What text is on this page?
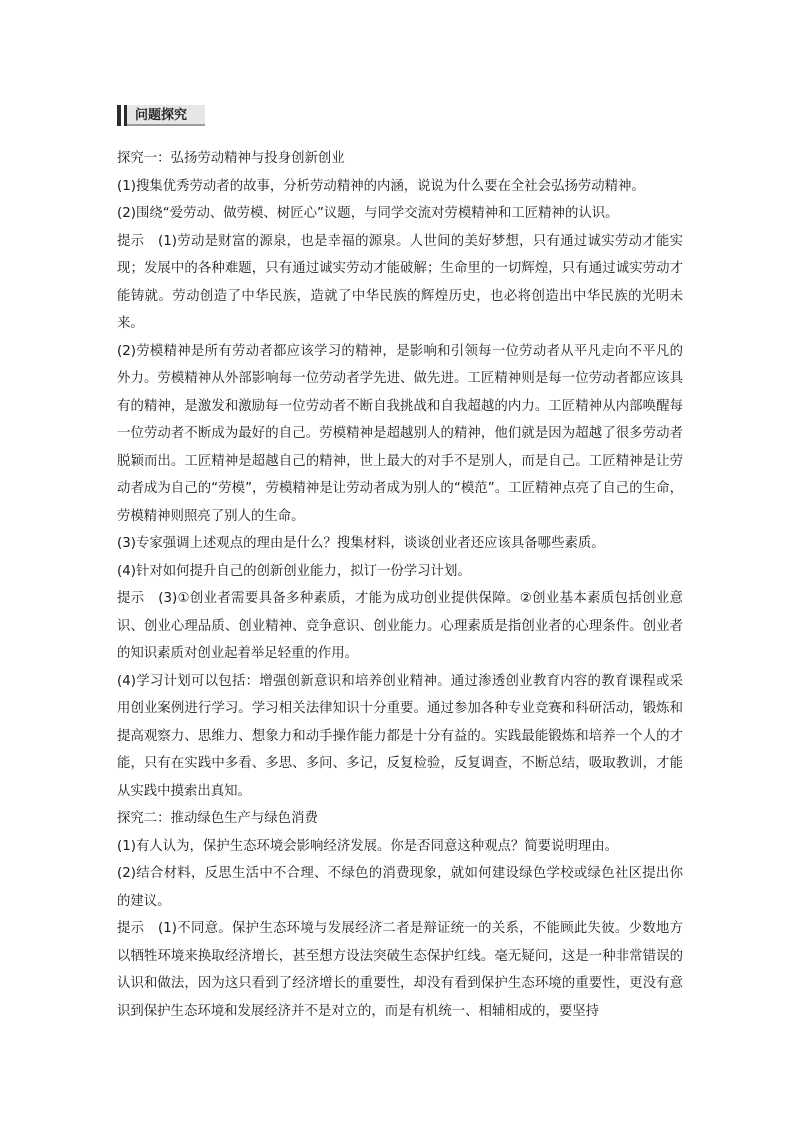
问题探究

探究一：弘扬劳动精神与投身创新创业

(1)搜集优秀劳动者的故事，分析劳动精神的内涵，说说为什么要在全社会弘扬劳动精神。

(2)围绕“爱劳动、做劳模、树匠心”议题，与同学交流对劳模精神和工匠精神的认识。

提示　(1)劳动是财富的源泉，也是幸福的源泉。人世间的美好梦想，只有通过诚实劳动才能实现；发展中的各种难题，只有通过诚实劳动才能破解；生命里的一切辉煌，只有通过诚实劳动才能铸就。劳动创造了中华民族，造就了中华民族的辉煌历史，也必将创造出中华民族的光明未来。

(2)劳模精神是所有劳动者都应该学习的精神，是影响和引领每一位劳动者从平凡走向不平凡的外力。劳模精神从外部影响每一位劳动者学先进、做先进。工匠精神则是每一位劳动者都应该具有的精神，是激发和激励每一位劳动者不断自我挑战和自我超越的内力。工匠精神从内部唤醒每一位劳动者不断成为最好的自己。劳模精神是超越别人的精神，他们就是因为超越了很多劳动者脱颖而出。工匠精神是超越自己的精神，世上最大的对手不是别人，而是自己。工匠精神是让劳动者成为自己的“劳模”，劳模精神是让劳动者成为别人的“模范”。工匠精神点亮了自己的生命，劳模精神则照亮了别人的生命。

(3)专家强调上述观点的理由是什么？搜集材料，谈谈创业者还应该具备哪些素质。

(4)针对如何提升自己的创新创业能力，拟订一份学习计划。

提示　(3)①创业者需要具备多种素质，才能为成功创业提供保障。②创业基本素质包括创业意识、创业心理品质、创业精神、竞争意识、创业能力。心理素质是指创业者的心理条件。创业者的知识素质对创业起着举足轻重的作用。

(4)学习计划可以包括：增强创新意识和培养创业精神。通过渗透创业教育内容的教育课程或采用创业案例进行学习。学习相关法律知识十分重要。通过参加各种专业竞赛和科研活动，锻炼和提高观察力、思维力、想象力和动手操作能力都是十分有益的。实践最能锻炼和培养一个人的才能，只有在实践中多看、多思、多问、多记，反复检验，反复调查，不断总结，吸取教训，才能从实践中摸索出真知。

探究二：推动绿色生产与绿色消费

(1)有人认为，保护生态环境会影响经济发展。你是否同意这种观点？简要说明理由。

(2)结合材料，反思生活中不合理、不绿色的消费现象，就如何建设绿色学校或绿色社区提出你的建议。

提示　(1)不同意。保护生态环境与发展经济二者是辩证统一的关系，不能顾此失彼。少数地方以牺牲环境来换取经济增长，甚至想方设法突破生态保护红线。毫无疑问，这是一种非常错误的认识和做法，因为这只看到了经济增长的重要性，却没有看到保护生态环境的重要性，更没有意识到保护生态环境和发展经济并不是对立的，而是有机统一、相辅相成的，要坚持
